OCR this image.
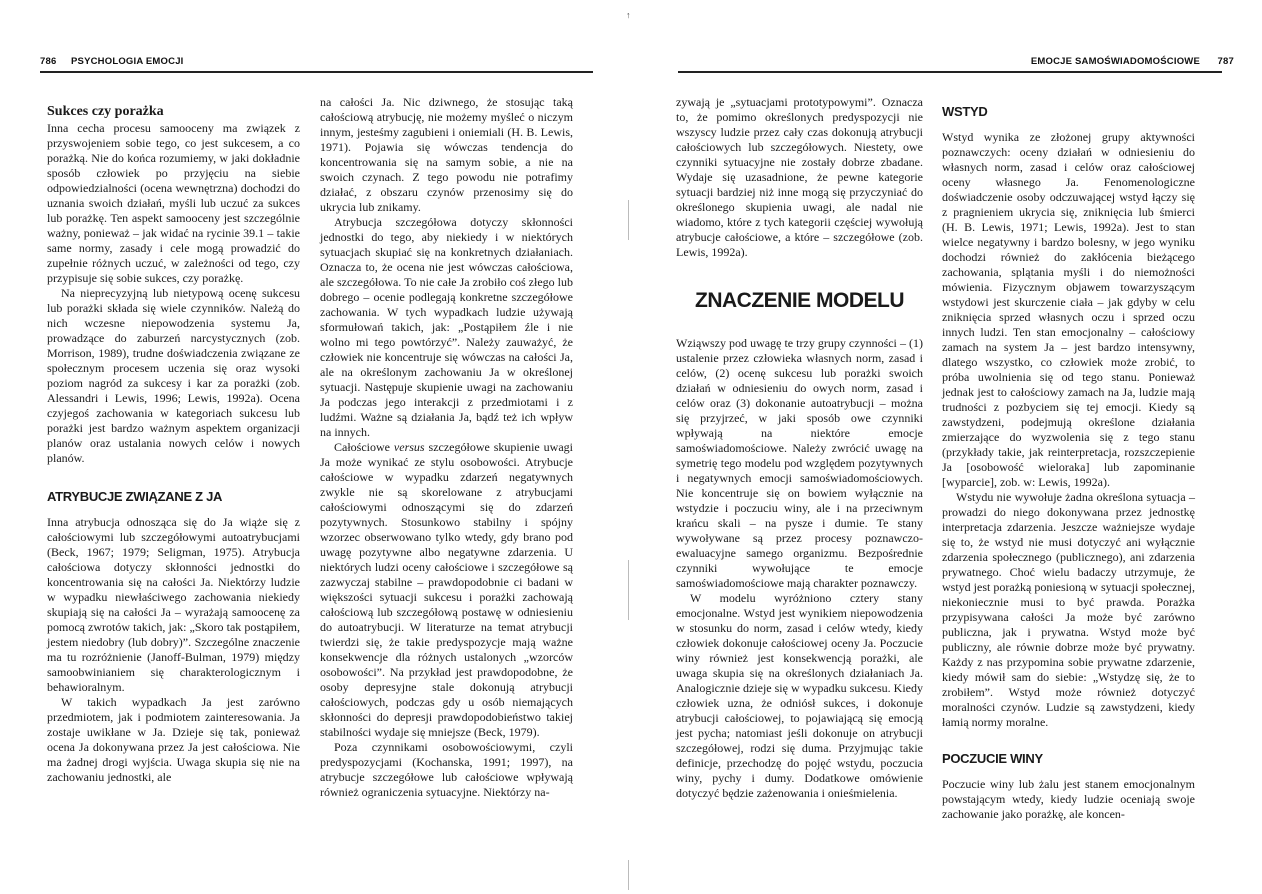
↑
786 PSYCHOLOGIA EMOCJI	EMOCJE SAMOŚWIADOMOŚCIOWE 787

Sukces czy porażka

Inna cecha procesu samooceny ma związek z przyswojeniem sobie tego, co jest sukcesem, a co porażką. Nie do końca rozumiemy, w jaki dokładnie sposób człowiek po przyjęciu na siebie odpowiedzialności (ocena wewnętrzna) dochodzi do uznania swoich działań, myśli lub uczuć za sukces lub porażkę. Ten aspekt samooceny jest szczególnie ważny, ponieważ – jak widać na rycinie 39.1 – takie same normy, zasady i cele mogą prowadzić do zupełnie różnych uczuć, w zależności od tego, czy przypisuje się sobie sukces, czy porażkę.

Na nieprecyzyjną lub nietypową ocenę sukcesu lub porażki składa się wiele czynników. Należą do nich wczesne niepowodzenia systemu Ja, prowadzące do zaburzeń narcystycznych (zob. Morrison, 1989), trudne doświadczenia związane ze społecznym procesem uczenia się oraz wysoki poziom nagród za sukcesy i kar za porażki (zob. Alessandri i Lewis, 1996; Lewis, 1992a). Ocena czyjegoś zachowania w kategoriach sukcesu lub porażki jest bardzo ważnym aspektem organizacji planów oraz ustalania nowych celów i nowych planów.

ATRYBUCJE ZWIĄZANE Z JA

Inna atrybucja odnosząca się do Ja wiąże się z całościowymi lub szczegółowymi autoatrybucjami (Beck, 1967; 1979; Seligman, 1975). Atrybucja całościowa dotyczy skłonności jednostki do koncentrowania się na całości Ja. Niektórzy ludzie w wypadku niewłaściwego zachowania niekiedy skupiają się na całości Ja – wyrażają samoocenę za pomocą zwrotów takich, jak: „Skoro tak postąpiłem, jestem niedobry (lub dobry)”. Szczególne znaczenie ma tu rozróżnienie (Janoff-Bulman, 1979) między samoobwinianiem się charakterologicznym i behawioralnym.

W takich wypadkach Ja jest zarówno przedmiotem, jak i podmiotem zainteresowania. Ja zostaje uwikłane w Ja. Dzieje się tak, ponieważ ocena Ja dokonywana przez Ja jest całościowa. Nie ma żadnej drogi wyjścia. Uwaga skupia się nie na zachowaniu jednostki, ale

na całości Ja. Nic dziwnego, że stosując taką całościową atrybucję, nie możemy myśleć o niczym innym, jesteśmy zagubieni i oniemiali (H. B. Lewis, 1971). Pojawia się wówczas tendencja do koncentrowania się na samym sobie, a nie na swoich czynach. Z tego powodu nie potrafimy działać, z obszaru czynów przenosimy się do ukrycia lub znikamy.

Atrybucja szczegółowa dotyczy skłonności jednostki do tego, aby niekiedy i w niektórych sytuacjach skupiać się na konkretnych działaniach. Oznacza to, że ocena nie jest wówczas całościowa, ale szczegółowa. To nie całe Ja zrobiło coś złego lub dobrego – ocenie podlegają konkretne szczegółowe zachowania. W tych wypadkach ludzie używają sformułowań takich, jak: „Postąpiłem źle i nie wolno mi tego powtórzyć”. Należy zauważyć, że człowiek nie koncentruje się wówczas na całości Ja, ale na określonym zachowaniu Ja w określonej sytuacji. Następuje skupienie uwagi na zachowaniu Ja podczas jego interakcji z przedmiotami i z ludźmi. Ważne są działania Ja, bądź też ich wpływ na innych.

Całościowe versus szczegółowe skupienie uwagi Ja może wynikać ze stylu osobowości. Atrybucje całościowe w wypadku zdarzeń negatywnych zwykle nie są skorelowane z atrybucjami całościowymi odnoszącymi się do zdarzeń pozytywnych. Stosunkowo stabilny i spójny wzorzec obserwowano tylko wtedy, gdy brano pod uwagę pozytywne albo negatywne zdarzenia. U niektórych ludzi oceny całościowe i szczegółowe są zazwyczaj stabilne – prawdopodobnie ci badani w większości sytuacji sukcesu i porażki zachowają całościową lub szczegółową postawę w odniesieniu do autoatrybucji. W literaturze na temat atrybucji twierdzi się, że takie predyspozycje mają ważne konsekwencje dla różnych ustalonych „wzorców osobowości”. Na przykład jest prawdopodobne, że osoby depresyjne stale dokonują atrybucji całościowych, podczas gdy u osób niemających skłonności do depresji prawdopodobieństwo takiej stabilności wydaje się mniejsze (Beck, 1979).

Poza czynnikami osobowościowymi, czyli predyspozycjami (Kochanska, 1991; 1997), na atrybucje szczegółowe lub całościowe wpływają również ograniczenia sytuacyjne. Niektórzy na-

zywają je „sytuacjami prototypowymi”. Oznacza to, że pomimo określonych predyspozycji nie wszyscy ludzie przez cały czas dokonują atrybucji całościowych lub szczegółowych. Niestety, owe czynniki sytuacyjne nie zostały dobrze zbadane. Wydaje się uzasadnione, że pewne kategorie sytuacji bardziej niż inne mogą się przyczyniać do określonego skupienia uwagi, ale nadal nie wiadomo, które z tych kategorii częściej wywołują atrybucje całościowe, a które – szczegółowe (zob. Lewis, 1992a).

ZNACZENIE MODELU

Wziąwszy pod uwagę te trzy grupy czynności – (1) ustalenie przez człowieka własnych norm, zasad i celów, (2) ocenę sukcesu lub porażki swoich działań w odniesieniu do owych norm, zasad i celów oraz (3) dokonanie autoatrybucji – można się przyjrzeć, w jaki sposób owe czynniki wpływają na niektóre emocje samoświadomościowe. Należy zwrócić uwagę na symetrię tego modelu pod względem pozytywnych i negatywnych emocji samoświadomościowych. Nie koncentruje się on bowiem wyłącznie na wstydzie i poczuciu winy, ale i na przeciwnym krańcu skali – na pysze i dumie. Te stany wywoływane są przez procesy poznawczo-ewaluacyjne samego organizmu. Bezpośrednie czynniki wywołujące te emocje samoświadomościowe mają charakter poznawczy.

W modelu wyróżniono cztery stany emocjonalne. Wstyd jest wynikiem niepowodzenia w stosunku do norm, zasad i celów wtedy, kiedy człowiek dokonuje całościowej oceny Ja. Poczucie winy również jest konsekwencją porażki, ale uwaga skupia się na określonych działaniach Ja. Analogicznie dzieje się w wypadku sukcesu. Kiedy człowiek uzna, że odniósł sukces, i dokonuje atrybucji całościowej, to pojawiającą się emocją jest pycha; natomiast jeśli dokonuje on atrybucji szczegółowej, rodzi się duma. Przyjmując takie definicje, przechodzę do pojęć wstydu, poczucia winy, pychy i dumy. Dodatkowe omówienie dotyczyć będzie zażenowania i onieśmielenia.

WSTYD

Wstyd wynika ze złożonej grupy aktywności poznawczych: oceny działań w odniesieniu do własnych norm, zasad i celów oraz całościowej oceny własnego Ja. Fenomenologiczne doświadczenie osoby odczuwającej wstyd łączy się z pragnieniem ukrycia się, zniknięcia lub śmierci (H. B. Lewis, 1971; Lewis, 1992a). Jest to stan wielce negatywny i bardzo bolesny, w jego wyniku dochodzi również do zakłócenia bieżącego zachowania, splątania myśli i do niemożności mówienia. Fizycznym objawem towarzyszącym wstydowi jest skurczenie ciała – jak gdyby w celu zniknięcia sprzed własnych oczu i sprzed oczu innych ludzi. Ten stan emocjonalny – całościowy zamach na system Ja – jest bardzo intensywny, dlatego wszystko, co człowiek może zrobić, to próba uwolnienia się od tego stanu. Ponieważ jednak jest to całościowy zamach na Ja, ludzie mają trudności z pozbyciem się tej emocji. Kiedy są zawstydzeni, podejmują określone działania zmierzające do wyzwolenia się z tego stanu (przykłady takie, jak reinterpretacja, rozszczepienie Ja [osobowość wieloraka] lub zapominanie [wyparcie], zob. w: Lewis, 1992a).

Wstydu nie wywołuje żadna określona sytuacja – prowadzi do niego dokonywana przez jednostkę interpretacja zdarzenia. Jeszcze ważniejsze wydaje się to, że wstyd nie musi dotyczyć ani wyłącznie zdarzenia społecznego (publicznego), ani zdarzenia prywatnego. Choć wielu badaczy utrzymuje, że wstyd jest porażką poniesioną w sytuacji społecznej, niekoniecznie musi to być prawda. Porażka przypisywana całości Ja może być zarówno publiczna, jak i prywatna. Wstyd może być publiczny, ale równie dobrze może być prywatny. Każdy z nas przypomina sobie prywatne zdarzenie, kiedy mówił sam do siebie: „Wstydzę się, że to zrobiłem”. Wstyd może również dotyczyć moralności czynów. Ludzie są zawstydzeni, kiedy łamią normy moralne.

POCZUCIE WINY

Poczucie winy lub żalu jest stanem emocjonalnym powstającym wtedy, kiedy ludzie oceniają swoje zachowanie jako porażkę, ale koncen-
